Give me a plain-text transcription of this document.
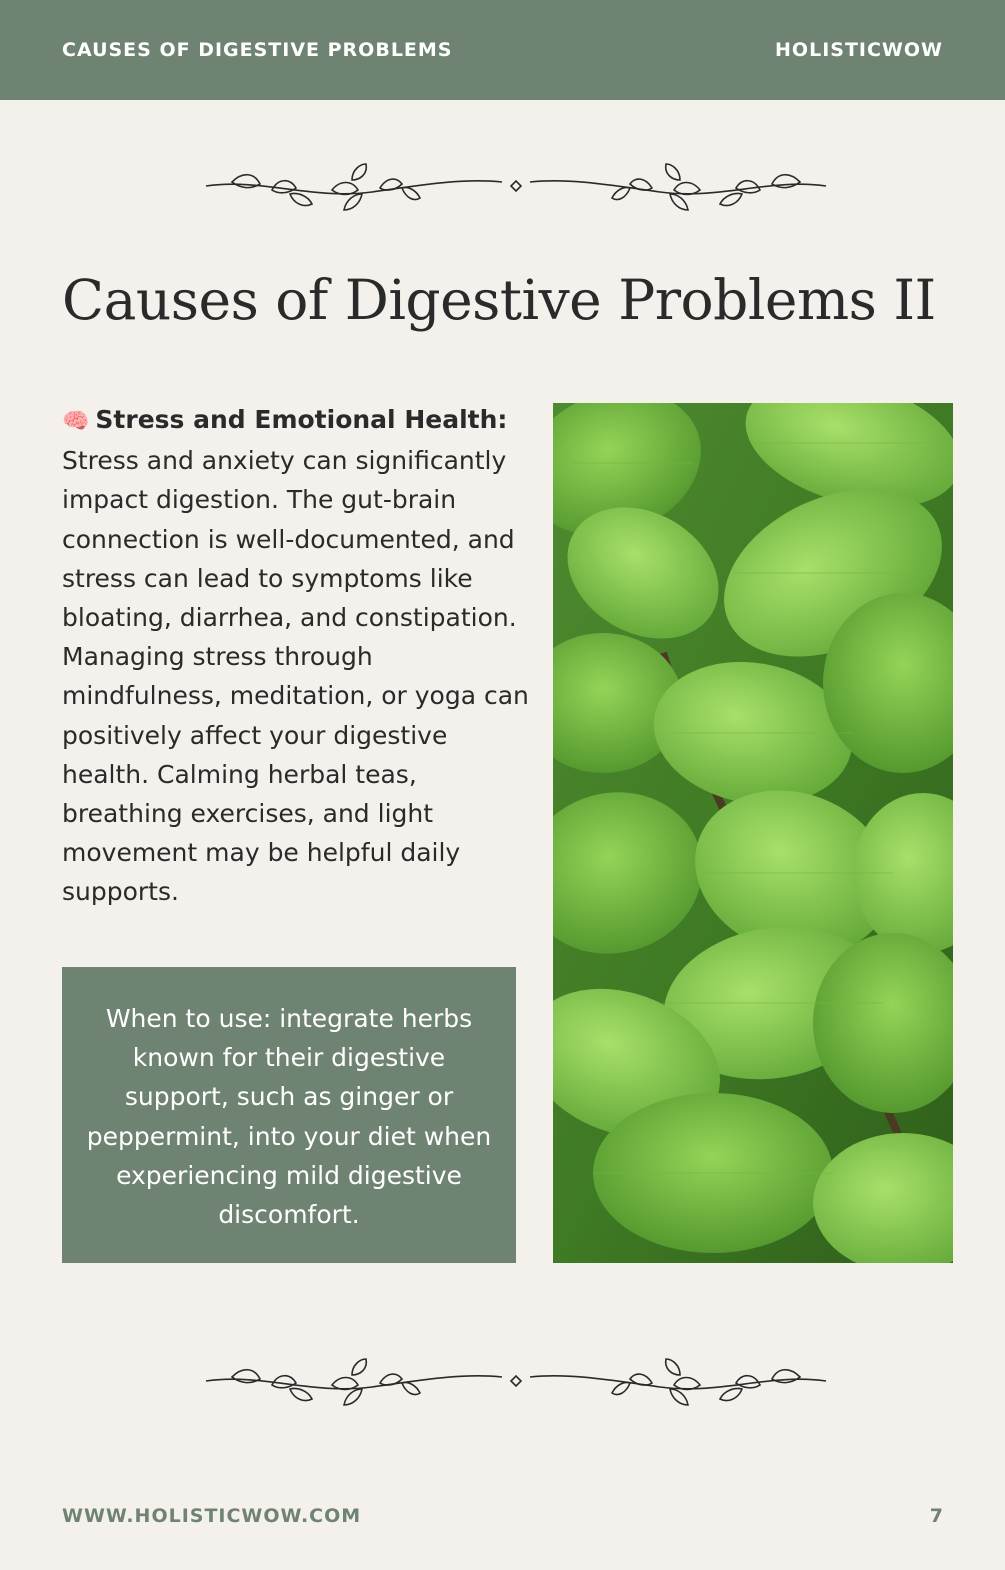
CAUSES OF DIGESTIVE PROBLEMS	HOLISTICWOW
Causes of Digestive Problems II
🧠 Stress and Emotional Health: Stress and anxiety can significantly impact digestion. The gut-brain connection is well-documented, and stress can lead to symptoms like bloating, diarrhea, and constipation. Managing stress through mindfulness, meditation, or yoga can positively affect your digestive health. Calming herbal teas, breathing exercises, and light movement may be helpful daily supports.
When to use: integrate herbs known for their digestive support, such as ginger or peppermint, into your diet when experiencing mild digestive discomfort.
WWW.HOLISTICWOW.COM	7
